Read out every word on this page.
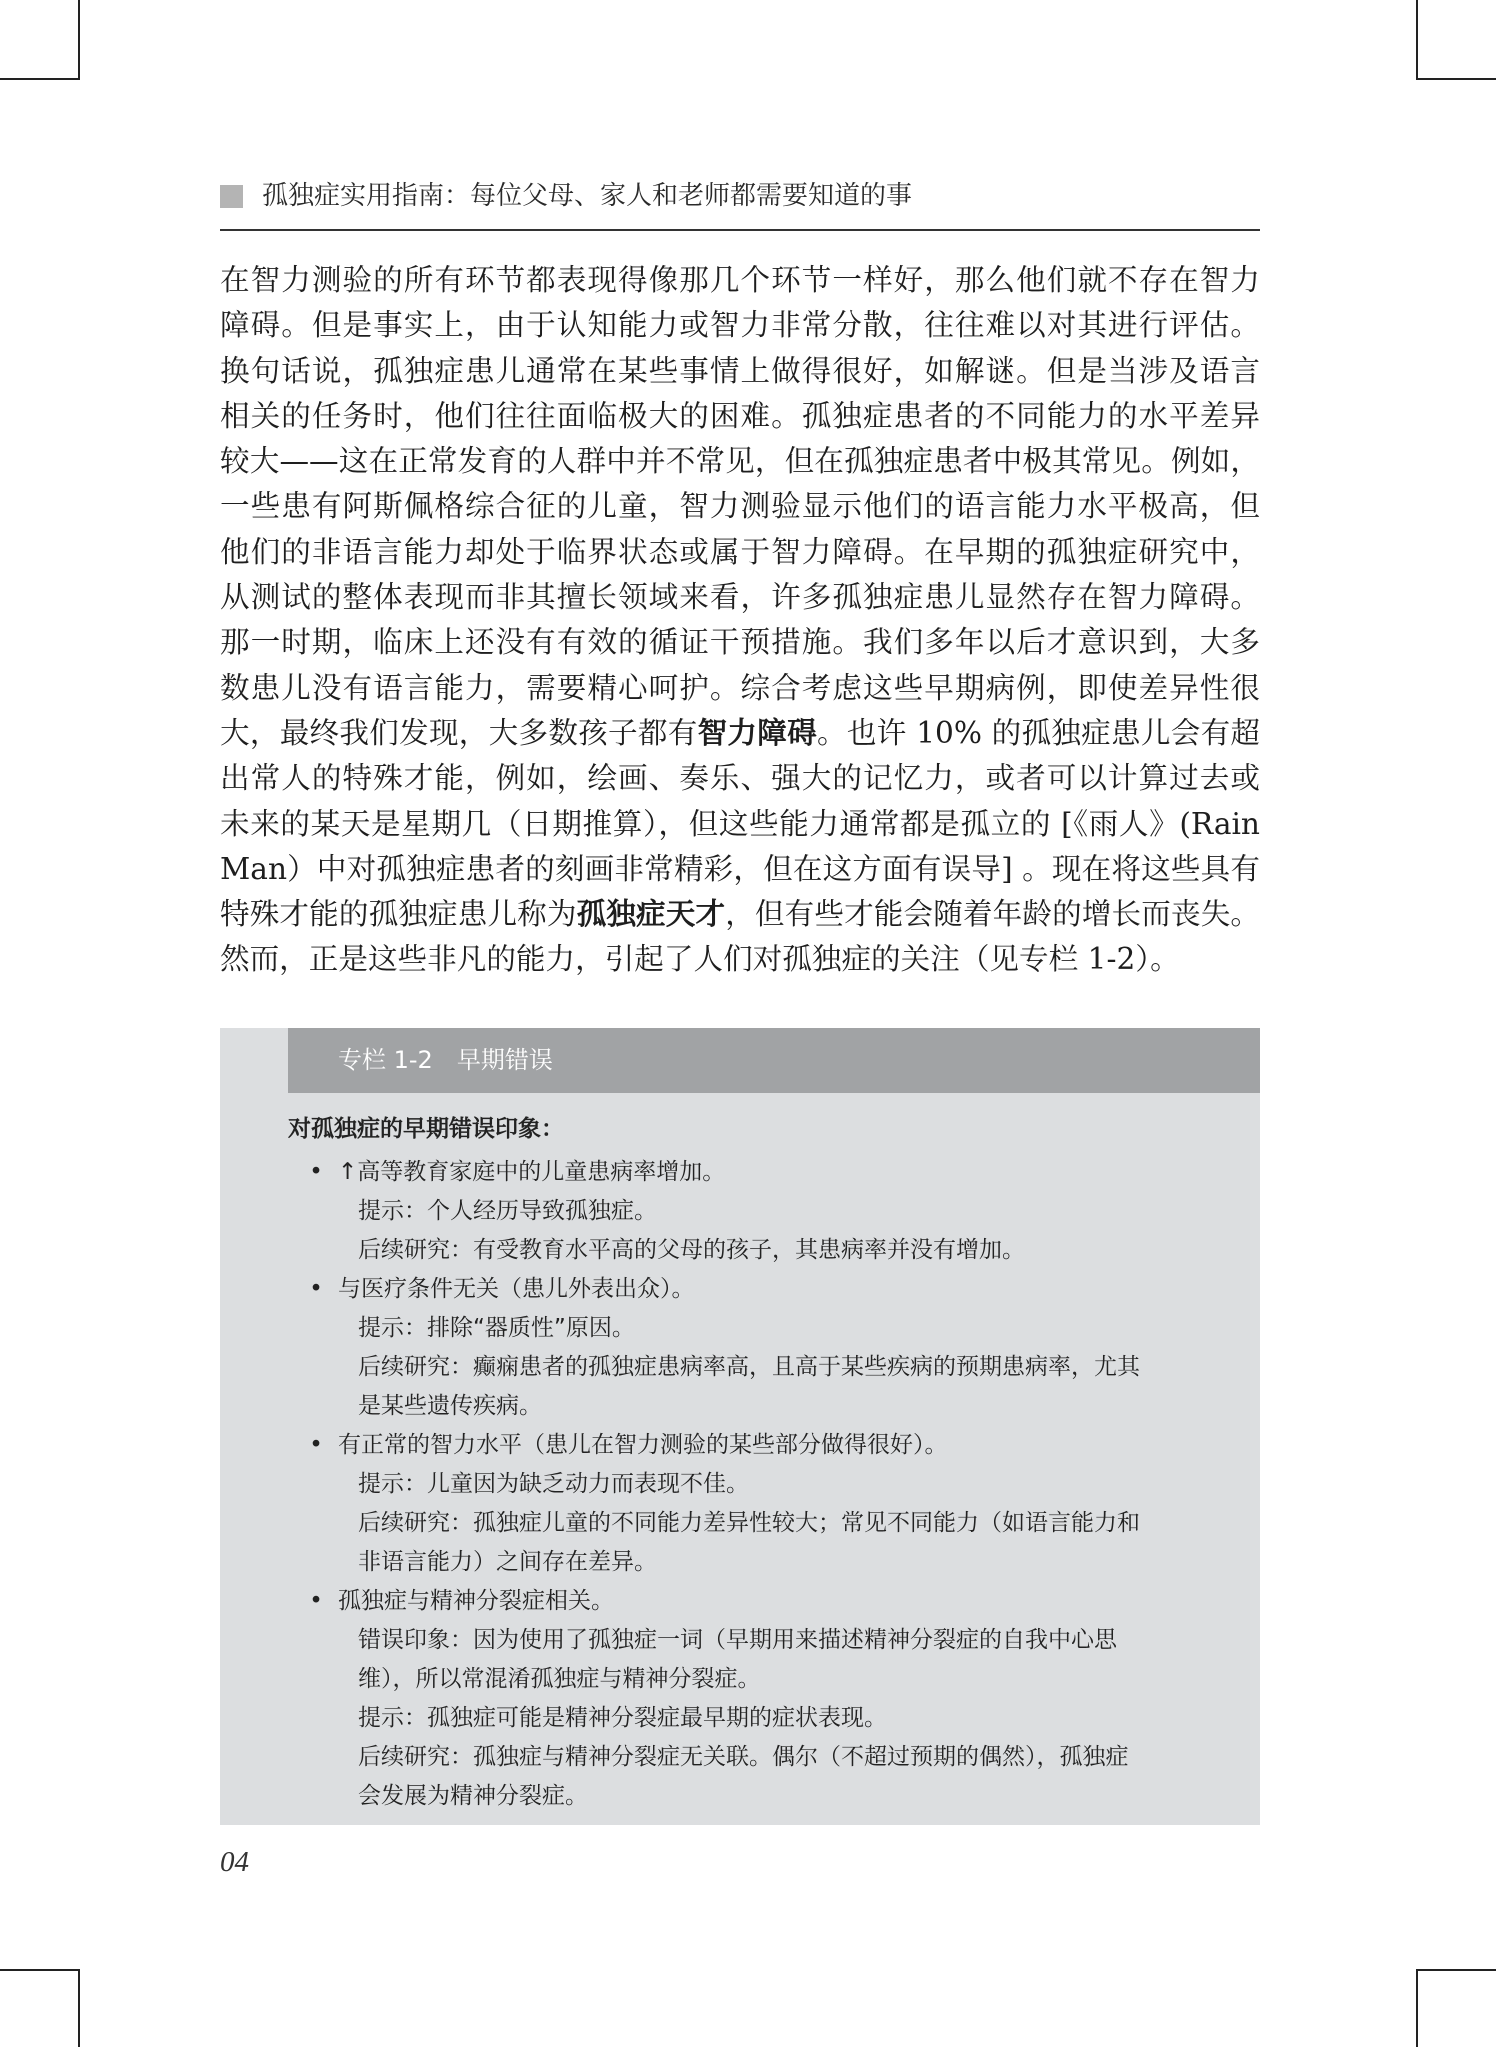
孤独症实用指南：每位父母、家人和老师都需要知道的事
在智力测验的所有环节都表现得像那几个环节一样好，那么他们就不存在智力
障碍。但是事实上，由于认知能力或智力非常分散，往往难以对其进行评估。
换句话说，孤独症患儿通常在某些事情上做得很好，如解谜。但是当涉及语言
相关的任务时，他们往往面临极大的困难。孤独症患者的不同能力的水平差异
较大——这在正常发育的人群中并不常见，但在孤独症患者中极其常见。例如，
一些患有阿斯佩格综合征的儿童，智力测验显示他们的语言能力水平极高，但
他们的非语言能力却处于临界状态或属于智力障碍。在早期的孤独症研究中，
从测试的整体表现而非其擅长领域来看，许多孤独症患儿显然存在智力障碍。
那一时期，临床上还没有有效的循证干预措施。我们多年以后才意识到，大多
数患儿没有语言能力，需要精心呵护。综合考虑这些早期病例，即使差异性很
大，最终我们发现，大多数孩子都有智力障碍。也许 10% 的孤独症患儿会有超
出常人的特殊才能，例如，绘画、奏乐、强大的记忆力，或者可以计算过去或
未来的某天是星期几（日期推算），但这些能力通常都是孤立的 [《雨人》(Rain
Man）中对孤独症患者的刻画非常精彩，但在这方面有误导] 。现在将这些具有
特殊才能的孤独症患儿称为孤独症天才，但有些才能会随着年龄的增长而丧失。
然而，正是这些非凡的能力，引起了人们对孤独症的关注（见专栏 1-2）。
专栏 1-2　早期错误
对孤独症的早期错误印象：
• ↑高等教育家庭中的儿童患病率增加。
提示：个人经历导致孤独症。
后续研究：有受教育水平高的父母的孩子，其患病率并没有增加。
• 与医疗条件无关（患儿外表出众）。
提示：排除“器质性”原因。
后续研究：癫痫患者的孤独症患病率高，且高于某些疾病的预期患病率，尤其
是某些遗传疾病。
• 有正常的智力水平（患儿在智力测验的某些部分做得很好）。
提示：儿童因为缺乏动力而表现不佳。
后续研究：孤独症儿童的不同能力差异性较大；常见不同能力（如语言能力和
非语言能力）之间存在差异。
• 孤独症与精神分裂症相关。
错误印象：因为使用了孤独症一词（早期用来描述精神分裂症的自我中心思
维），所以常混淆孤独症与精神分裂症。
提示：孤独症可能是精神分裂症最早期的症状表现。
后续研究：孤独症与精神分裂症无关联。偶尔（不超过预期的偶然），孤独症
会发展为精神分裂症。
04
